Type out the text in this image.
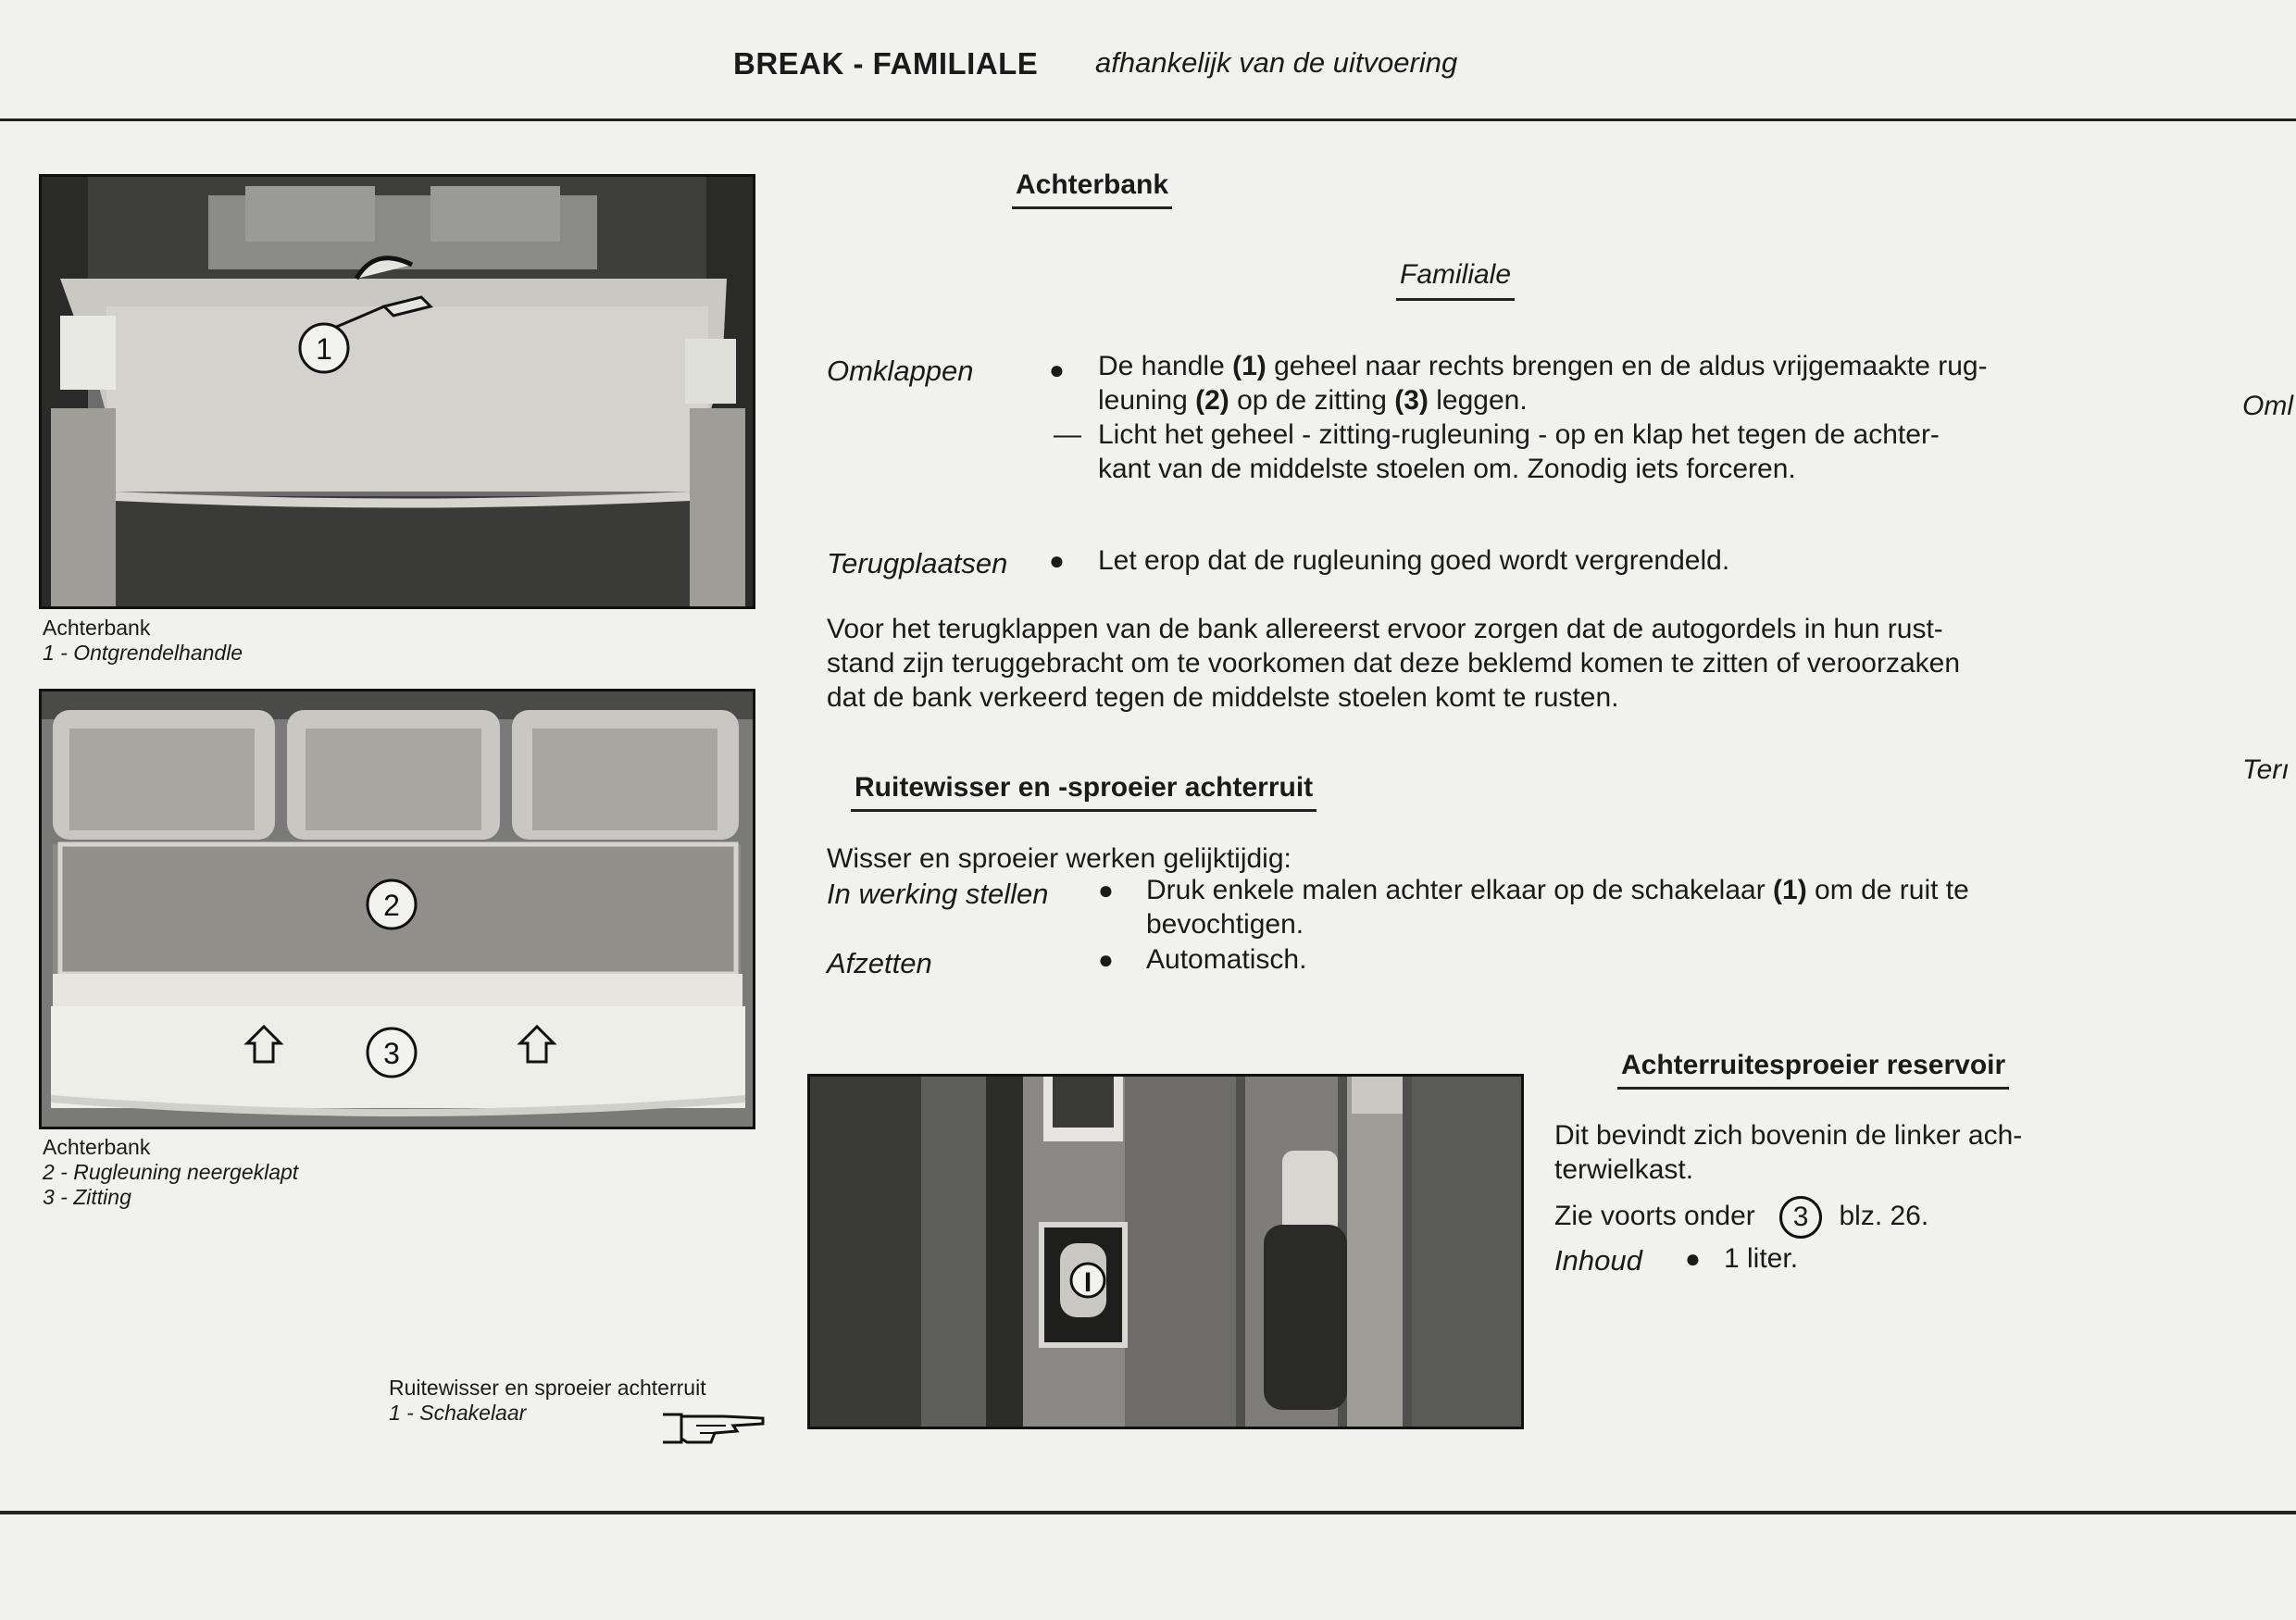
BREAK - FAMILIALE afhankelijk van de uitvoering
1
Achterbank
1 - Ontgrendelhandle
2
3
Achterbank
2 - Rugleuning neergeklapt
3 - Zitting
Ruitewisser en sproeier achterruit
1 - Schakelaar
I
Achterbank
Familiale
Omklappen	● De handle (1) geheel naar rechts brengen en de aldus vrijgemaakte rug-
leuning (2) op de zitting (3) leggen.
— Licht het geheel - zitting-rugleuning - op en klap het tegen de achter-
kant van de middelste stoelen om. Zonodig iets forceren.
Terugplaatsen ● Let erop dat de rugleuning goed wordt vergrendeld.
Voor het terugklappen van de bank allereerst ervoor zorgen dat de autogordels in hun rust-
stand zijn teruggebracht om te voorkomen dat deze beklemd komen te zitten of veroorzaken
dat de bank verkeerd tegen de middelste stoelen komt te rusten.
Ruitewisser en -sproeier achterruit
Wisser en sproeier werken gelijktijdig:
In werking stellen ● Druk enkele malen achter elkaar op de schakelaar (1) om de ruit te
bevochtigen.
Afzetten	● Automatisch.
Achterruitesproeier reservoir
Dit bevindt zich bovenin de linker ach-
terwielkast.
Zie voorts onder 3 blz. 26.
Inhoud ● 1 liter.
Oml
Terı
